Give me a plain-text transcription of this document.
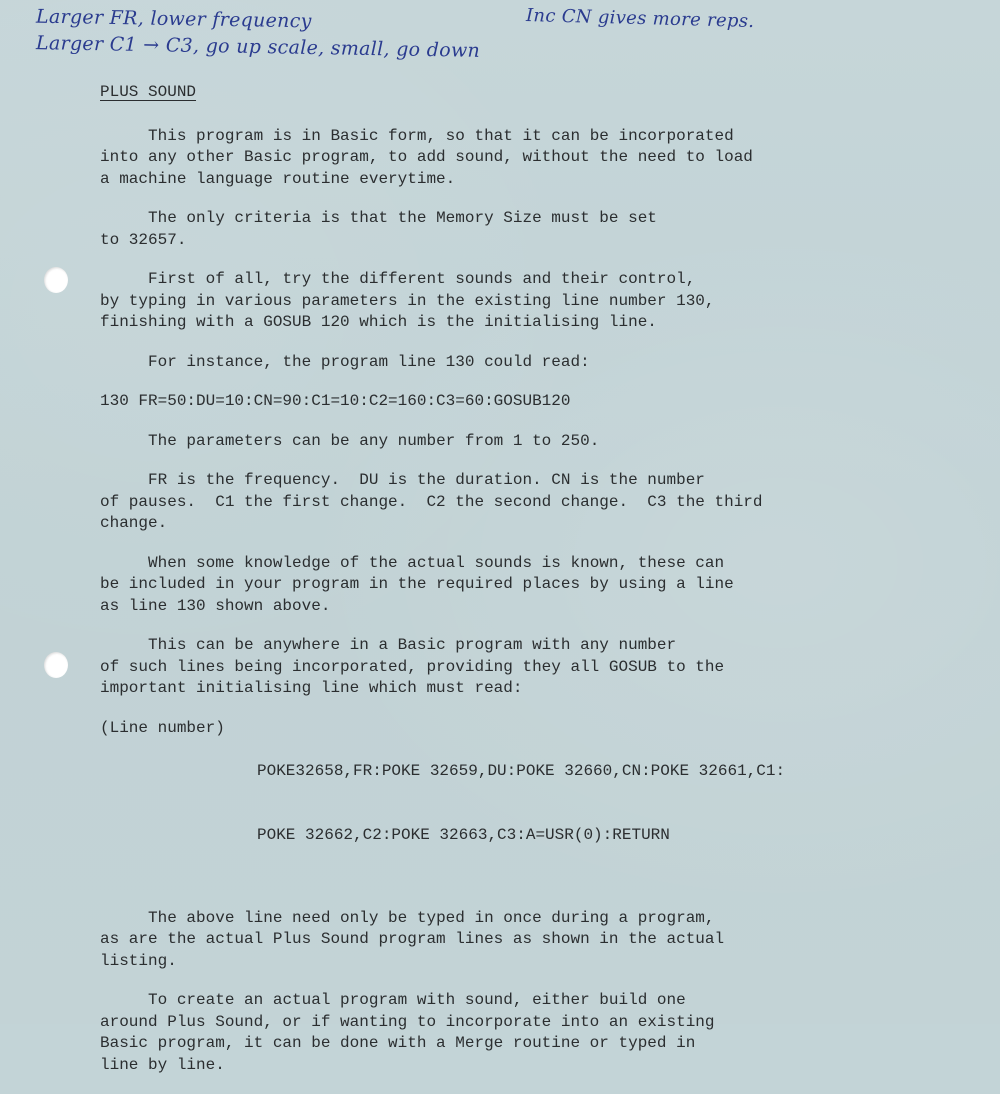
Larger FR, lower frequency
Larger C1 → C3, go up scale, small, go down
Inc CN gives more reps.
PLUS SOUND
This program is in Basic form, so that it can be incorporated
into any other Basic program, to add sound, without the need to load
a machine language routine everytime.
The only criteria is that the Memory Size must be set
to 32657.
First of all, try the different sounds and their control,
by typing in various parameters in the existing line number 130,
finishing with a GOSUB 120 which is the initialising line.
For instance, the program line 130 could read:
130 FR=50:DU=10:CN=90:C1=10:C2=160:C3=60:GOSUB120
The parameters can be any number from 1 to 250.
FR is the frequency.  DU is the duration. CN is the number
of pauses.  C1 the first change.  C2 the second change.  C3 the third
change.
When some knowledge of the actual sounds is known, these can
be included in your program in the required places by using a line
as line 130 shown above.
This can be anywhere in a Basic program with any number
of such lines being incorporated, providing they all GOSUB to the
important initialising line which must read:
(Line number)

POKE32658,FR:POKE 32659,DU:POKE 32660,CN:POKE 32661,C1:

POKE 32662,C2:POKE 32663,C3:A=USR(0):RETURN

The above line need only be typed in once during a program,
as are the actual Plus Sound program lines as shown in the actual
listing.
To create an actual program with sound, either build one
around Plus Sound, or if wanting to incorporate into an existing
Basic program, it can be done with a Merge routine or typed in
line by line.
